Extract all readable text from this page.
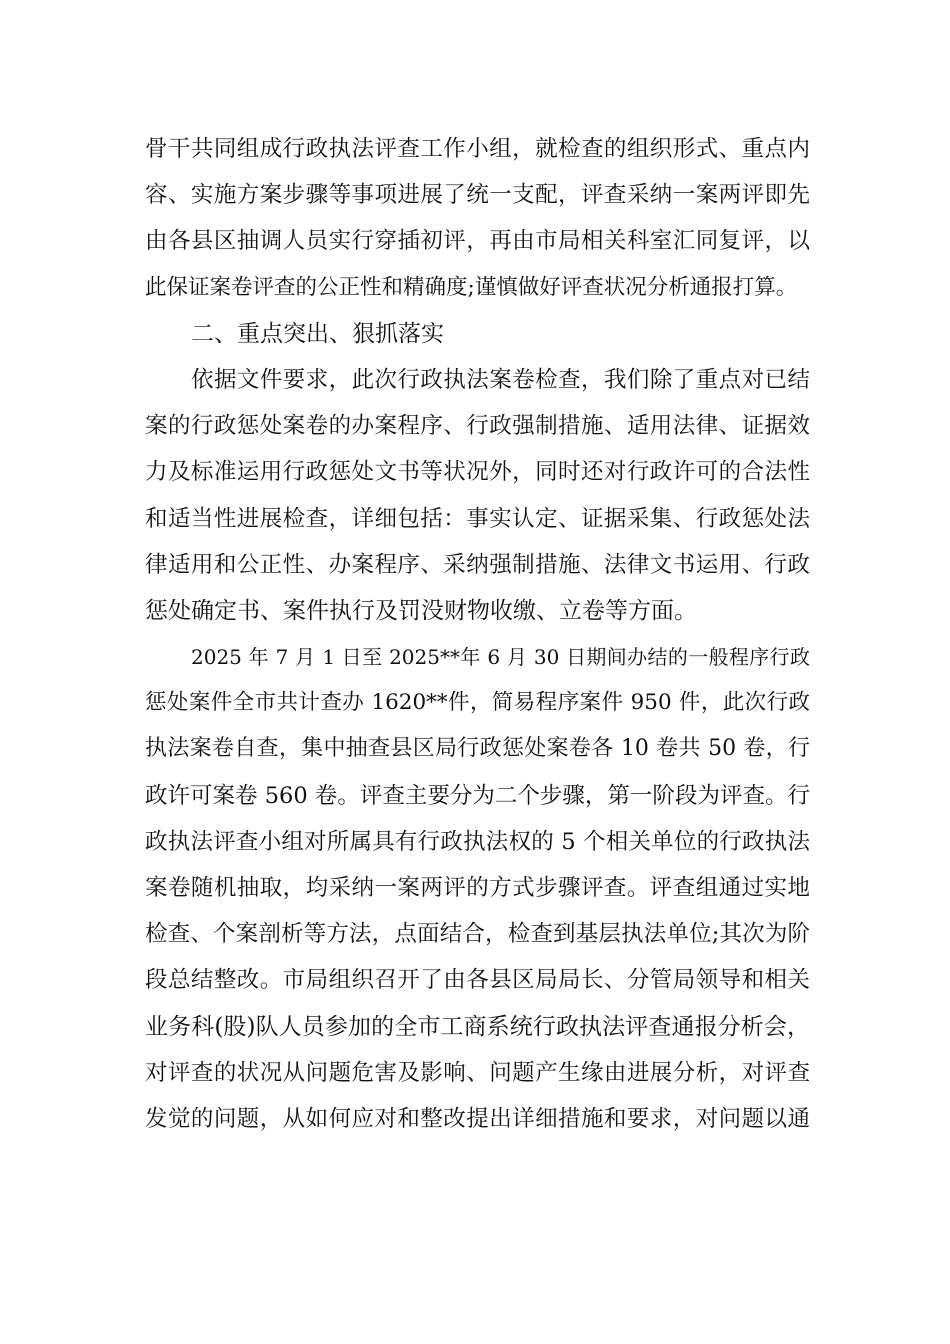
骨干共同组成行政执法评查工作小组，就检查的组织形式、重点内
容、实施方案步骤等事项进展了统一支配，评查采纳一案两评即先
由各县区抽调人员实行穿插初评，再由市局相关科室汇同复评，以
此保证案卷评查的公正性和精确度;谨慎做好评查状况分析通报打算。
二、重点突出、狠抓落实
依据文件要求，此次行政执法案卷检查，我们除了重点对已结
案的行政惩处案卷的办案程序、行政强制措施、适用法律、证据效
力及标准运用行政惩处文书等状况外，同时还对行政许可的合法性
和适当性进展检查，详细包括：事实认定、证据采集、行政惩处法
律适用和公正性、办案程序、采纳强制措施、法律文书运用、行政
惩处确定书、案件执行及罚没财物收缴、立卷等方面。
2025 年 7 月 1 日至 2025**年 6 月 30 日期间办结的一般程序行政
惩处案件全市共计查办 1620**件，简易程序案件 950 件，此次行政
执法案卷自查，集中抽查县区局行政惩处案卷各 10 卷共 50 卷，行
政许可案卷 560 卷。评查主要分为二个步骤，第一阶段为评查。行
政执法评查小组对所属具有行政执法权的 5 个相关单位的行政执法
案卷随机抽取，均采纳一案两评的方式步骤评查。评查组通过实地
检查、个案剖析等方法，点面结合，检查到基层执法单位;其次为阶
段总结整改。市局组织召开了由各县区局局长、分管局领导和相关
业务科(股)队人员参加的全市工商系统行政执法评查通报分析会，
对评查的状况从问题危害及影响、问题产生缘由进展分析，对评查
发觉的问题，从如何应对和整改提出详细措施和要求，对问题以通
